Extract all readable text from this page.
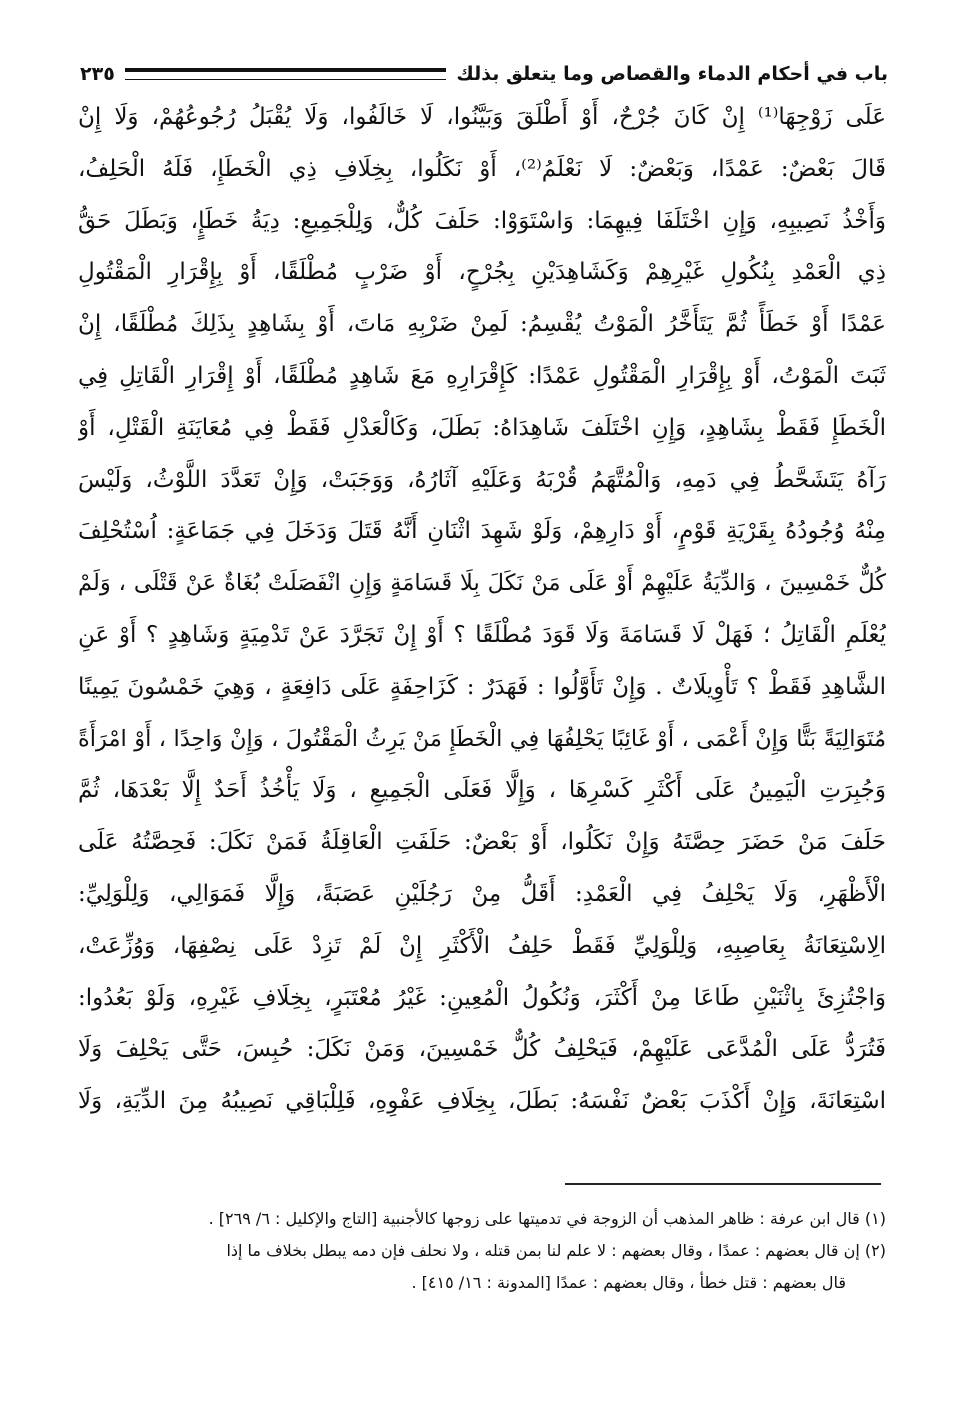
باب في أحكام الدماء والقصاص وما يتعلق بذلك
٢٣٥
عَلَى زَوْجِهَا⁽¹⁾ إِنْ كَانَ جُرْحٌ، أَوْ أَطْلَقَ وَبَيَّنُوا، لَا خَالَفُوا، وَلَا يُقْبَلُ رُجُوعُهُمْ، وَلَا إِنْ
قَالَ بَعْضٌ: عَمْدًا، وَبَعْضٌ: لَا نَعْلَمُ⁽²⁾، أَوْ نَكَلُوا، بِخِلَافِ ذِي الْخَطَإِ، فَلَهُ الْحَلِفُ،
وَأَخْذُ نَصِيبِهِ، وَإِنِ اخْتَلَفَا فِيهِمَا: وَاسْتَوَوْا: حَلَفَ كُلٌّ، وَلِلْجَمِيعِ: دِيَةُ خَطَإٍ، وَبَطَلَ حَقُّ
ذِي الْعَمْدِ بِنُكُولِ غَيْرِهِمْ وَكَشَاهِدَيْنِ بِجُرْحٍ، أَوْ ضَرْبٍ مُطْلَقًا، أَوْ بِإِقْرَارِ الْمَقْتُولِ
عَمْدًا أَوْ خَطَأً ثُمَّ يَتَأَخَّرُ الْمَوْتُ يُقْسِمُ: لَمِنْ ضَرْبِهِ مَاتَ، أَوْ بِشَاهِدٍ بِذَلِكَ مُطْلَقًا، إِنْ
ثَبَتَ الْمَوْتُ، أَوْ بِإِقْرَارِ الْمَقْتُولِ عَمْدًا: كَإِقْرَارِهِ مَعَ شَاهِدٍ مُطْلَقًا، أَوْ إِقْرَارِ الْقَاتِلِ فِي
الْخَطَإِ فَقَطْ بِشَاهِدٍ، وَإِنِ اخْتَلَفَ شَاهِدَاهُ: بَطَلَ، وَكَالْعَدْلِ فَقَطْ فِي مُعَايَنَةِ الْقَتْلِ، أَوْ
رَآهُ يَتَشَحَّطُ فِي دَمِهِ، وَالْمُتَّهَمُ قُرْبَهُ وَعَلَيْهِ آثَارُهُ، وَوَجَبَتْ، وَإِنْ تَعَدَّدَ اللَّوْثُ، وَلَيْسَ
مِنْهُ وُجُودُهُ بِقَرْيَةِ قَوْمٍ، أَوْ دَارِهِمْ، وَلَوْ شَهِدَ اثْنَانِ أَنَّهُ قَتَلَ وَدَخَلَ فِي جَمَاعَةٍ: اُسْتُحْلِفَ
كُلٌّ خَمْسِينَ ، وَالدِّيَةُ عَلَيْهِمْ أَوْ عَلَى مَنْ نَكَلَ بِلَا قَسَامَةٍ وَإِنِ انْفَصَلَتْ بُغَاةٌ عَنْ قَتْلَى ، وَلَمْ
يُعْلَمِ الْقَاتِلُ ؛ فَهَلْ لَا قَسَامَةَ وَلَا قَوَدَ مُطْلَقًا ؟ أَوْ إِنْ تَجَرَّدَ عَنْ تَدْمِيَةٍ وَشَاهِدٍ ؟ أَوْ عَنِ
الشَّاهِدِ فَقَطْ ؟ تَأْوِيلَاتٌ . وَإِنْ تَأَوَّلُوا : فَهَدَرٌ : كَزَاحِفَةٍ عَلَى دَافِعَةٍ ، وَهِيَ خَمْسُونَ يَمِينًا
مُتَوَالِيَةً بَتًّا وَإِنْ أَعْمَى ، أَوْ غَائِبًا يَحْلِفُهَا فِي الْخَطَإِ مَنْ يَرِثُ الْمَقْتُولَ ، وَإِنْ وَاحِدًا ، أَوْ امْرَأَةً
وَجُبِرَتِ الْيَمِينُ عَلَى أَكْثَرِ كَسْرِهَا ، وَإِلَّا فَعَلَى الْجَمِيعِ ، وَلَا يَأْخُذُ أَحَدٌ إِلَّا بَعْدَهَا، ثُمَّ
حَلَفَ مَنْ حَضَرَ حِصَّتَهُ وَإِنْ نَكَلُوا، أَوْ بَعْضٌ: حَلَفَتِ الْعَاقِلَةُ فَمَنْ نَكَلَ: فَحِصَّتُهُ عَلَى
الْأَظْهَرِ، وَلَا يَحْلِفُ فِي الْعَمْدِ: أَقَلُّ مِنْ رَجُلَيْنِ عَصَبَةً، وَإِلَّا فَمَوَالِي، وَلِلْوَلِيِّ:
الِاسْتِعَانَةُ بِعَاصِبِهِ، وَلِلْوَلِيِّ فَقَطْ حَلِفُ الْأَكْثَرِ إِنْ لَمْ تَزِدْ عَلَى نِصْفِهَا، وَوُزِّعَتْ،
وَاجْتُزِئَ بِاثْنَيْنِ طَاعَا مِنْ أَكْثَرَ، وَنُكُولُ الْمُعِينِ: غَيْرُ مُعْتَبَرٍ، بِخِلَافِ غَيْرِهِ، وَلَوْ بَعُدُوا:
فَتُرَدُّ عَلَى الْمُدَّعَى عَلَيْهِمْ، فَيَحْلِفُ كُلٌّ خَمْسِينَ، وَمَنْ نَكَلَ: حُبِسَ، حَتَّى يَحْلِفَ وَلَا
اسْتِعَانَةَ، وَإِنْ أَكْذَبَ بَعْضٌ نَفْسَهُ: بَطَلَ، بِخِلَافِ عَفْوِهِ، فَلِلْبَاقِي نَصِيبُهُ مِنَ الدِّيَةِ، وَلَا
(١) قال ابن عرفة : ظاهر المذهب أن الزوجة في تدميتها على زوجها كالأجنبية [التاج والإكليل : ٦/ ٢٦٩] .
(٢) إن قال بعضهم : عمدًا ، وقال بعضهم : لا علم لنا بمن قتله ، ولا نحلف فإن دمه يبطل بخلاف ما إذا
قال بعضهم : قتل خطأ ، وقال بعضهم : عمدًا [المدونة : ١٦/ ٤١٥] .
